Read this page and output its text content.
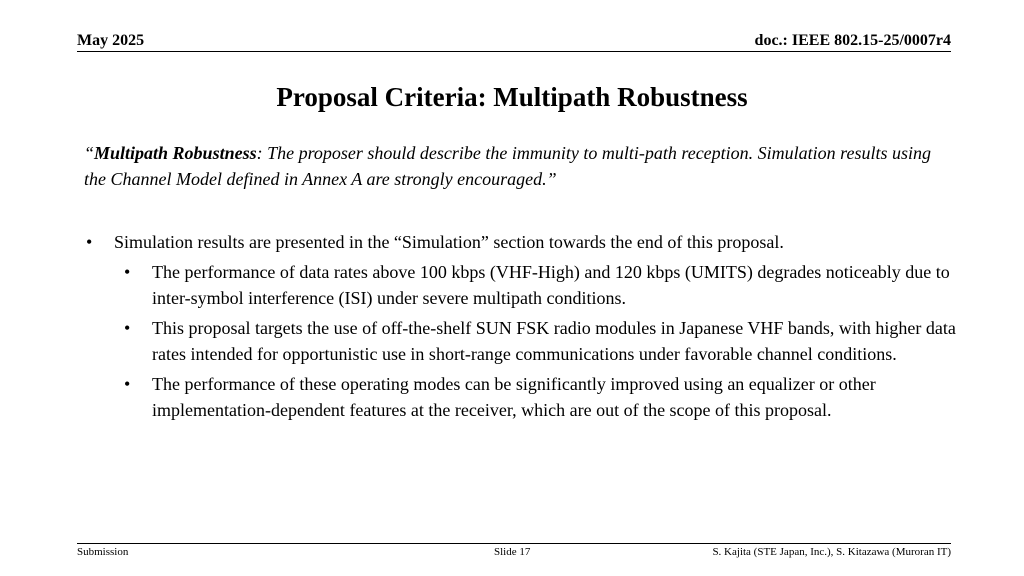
May 2025	doc.: IEEE 802.15-25/0007r4
Proposal Criteria: Multipath Robustness
“Multipath Robustness: The proposer should describe the immunity to multi-path reception. Simulation results using the Channel Model defined in Annex A are strongly encouraged.”
• Simulation results are presented in the “Simulation” section towards the end of this proposal.
• The performance of data rates above 100 kbps (VHF-High) and 120 kbps (UMITS) degrades noticeably due to inter-symbol interference (ISI) under severe multipath conditions.
• This proposal targets the use of off-the-shelf SUN FSK radio modules in Japanese VHF bands, with higher data rates intended for opportunistic use in short-range communications under favorable channel conditions.
• The performance of these operating modes can be significantly improved using an equalizer or other implementation-dependent features at the receiver, which are out of the scope of this proposal.
Submission	Slide 17	S. Kajita (STE Japan, Inc.), S. Kitazawa (Muroran IT)
